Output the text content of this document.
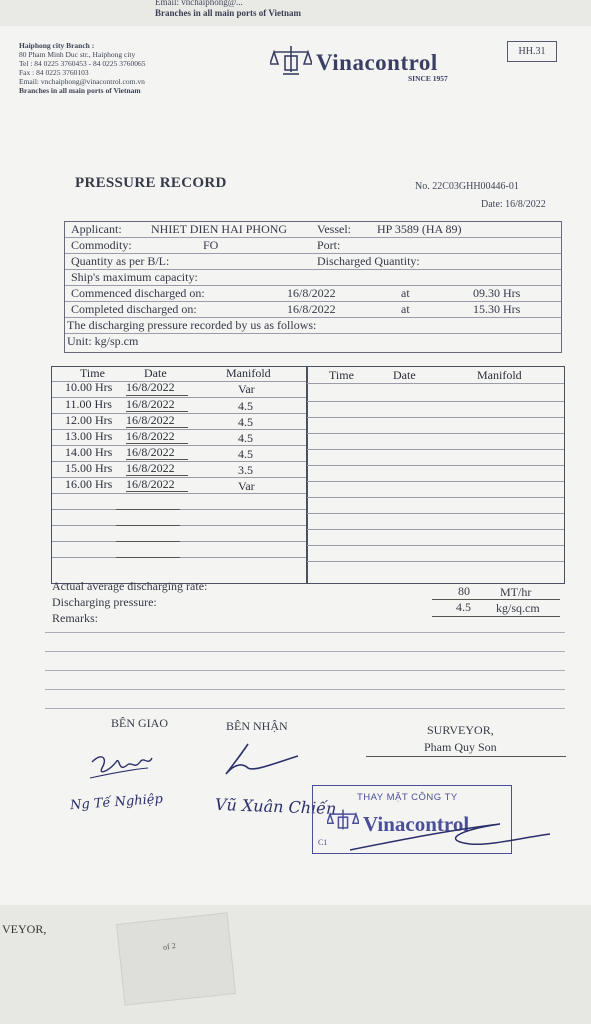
Email: vnchaiphong@...
Branches in all main ports of Vietnam
VEYOR,
of 2
Haiphong city Branch :
80 Pham Minh Duc str., Haiphong city
Tel : 84 0225 3760453 - 84 0225 3760065
Fax : 84 0225 3760103
Email: vnchaiphong@vinacontrol.com.vn
Branches in all main ports of Vietnam
Vinacontrol
SINCE 1957
HH.31
PRESSURE RECORD	No. 22C03GHH00446-01
Date: 16/8/2022
Applicant: NHIET DIEN HAI PHONG Vessel: HP 3589 (HA 89)
Commodity:	FO	Port:
Quantity as per B/L:	Discharged Quantity:
Ship's maximum capacity:
Commenced discharged on:	16/8/2022	at	09.30 Hrs
Completed discharged on:	16/8/2022	at	15.30 Hrs
The discharging pressure recorded by us as follows:
Unit: kg/sp.cm
Time	Date	Manifold
10.00 Hrs 16/8/2022	Var
11.00 Hrs 16/8/2022	4.5
12.00 Hrs 16/8/2022	4.5
13.00 Hrs 16/8/2022	4.5
14.00 Hrs 16/8/2022	4.5
15.00 Hrs 16/8/2022	3.5
16.00 Hrs 16/8/2022	Var
Time	Date	Manifold
Actual average discharging rate:	80	MT/hr
Discharging pressure:	4.5 kg/sq.cm
Remarks:
BÊN GIAO	BÊN NHẬN	SURVEYOR,
Pham Quy Son
Ng Tế Nghiệp	Vũ Xuân Chiến THAY MẶT CÔNG TY
Vinacontrol
C1
